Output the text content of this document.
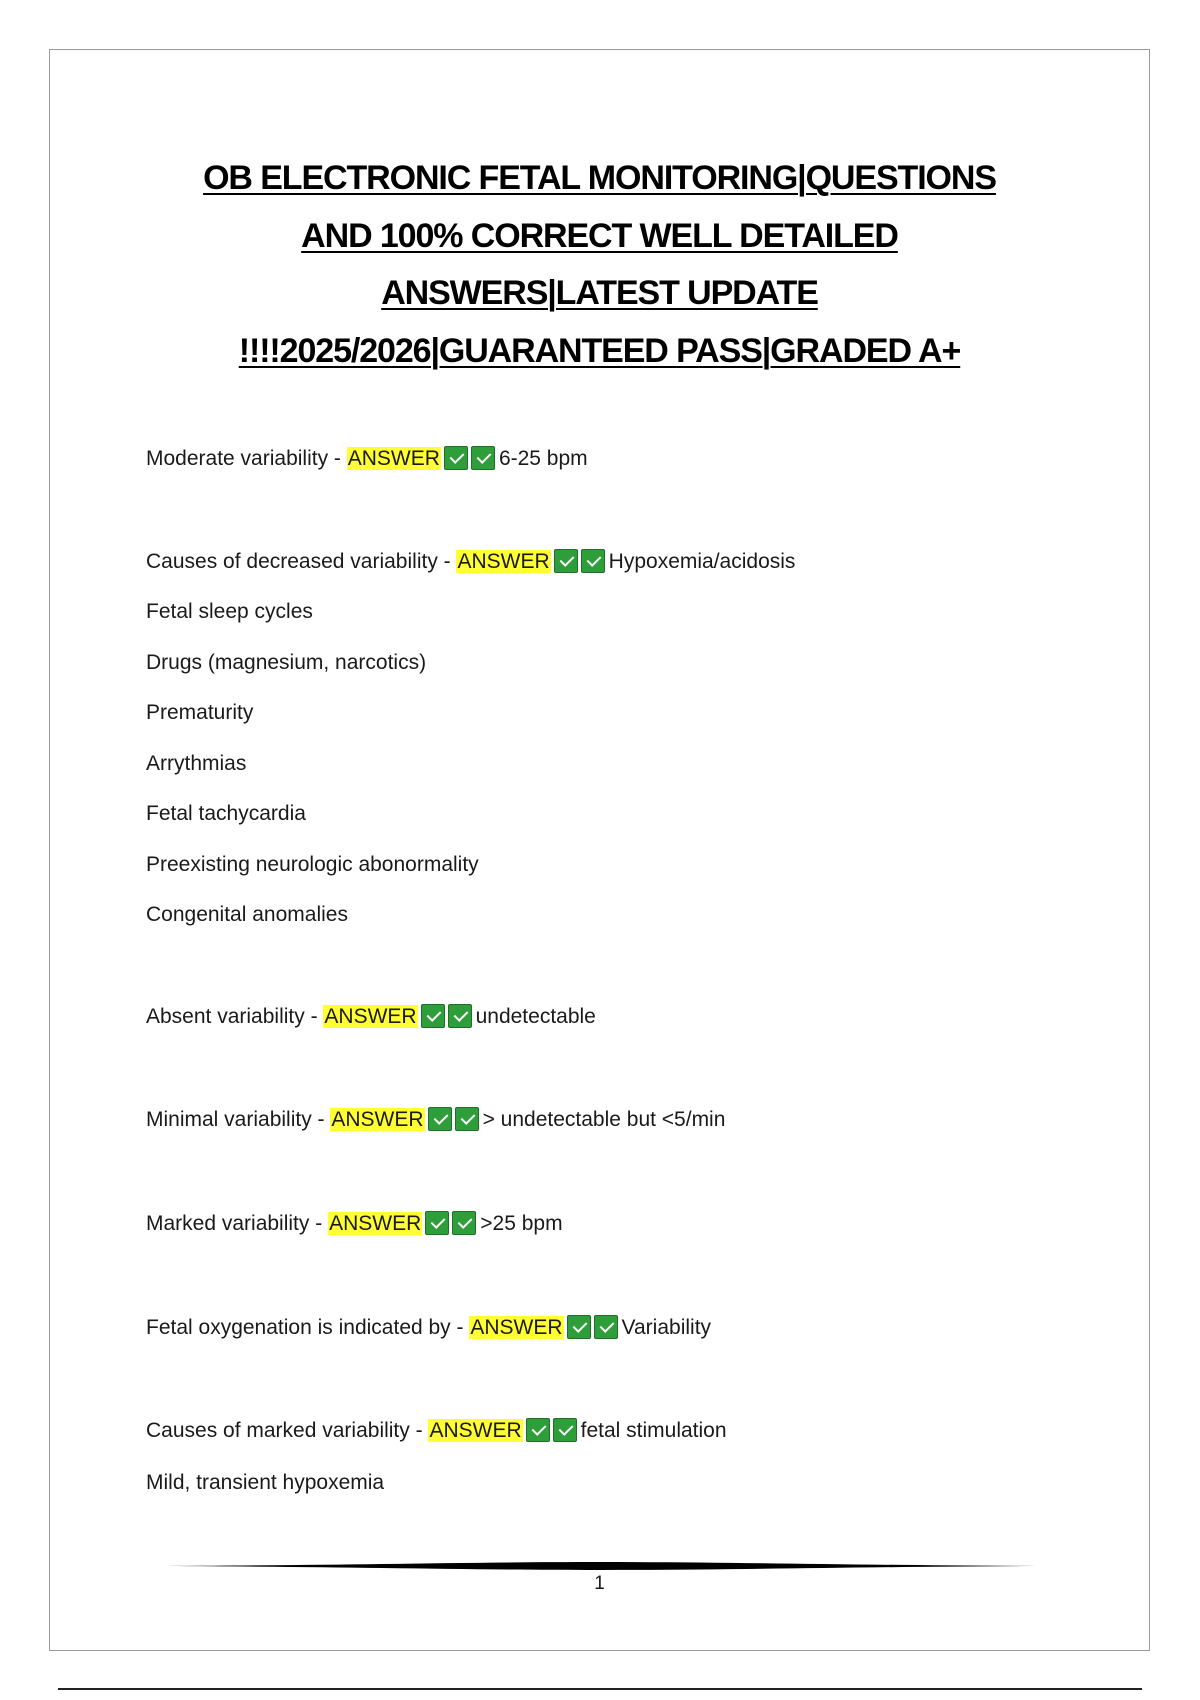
OB ELECTRONIC FETAL MONITORING|QUESTIONS
AND 100% CORRECT WELL DETAILED
ANSWERS|LATEST UPDATE
!!!!2025/2026|GUARANTEED PASS|GRADED A+
Moderate variability - ANSWER	6-25 bpm
Causes of decreased variability - ANSWER	Hypoxemia/acidosis
Fetal sleep cycles
Drugs (magnesium, narcotics)
Prematurity
Arrythmias
Fetal tachycardia
Preexisting neurologic abonormality
Congenital anomalies
Absent variability - ANSWER	undetectable
Minimal variability - ANSWER	> undetectable but <5/min
Marked variability - ANSWER	>25 bpm
Fetal oxygenation is indicated by - ANSWER	Variability
Causes of marked variability - ANSWER	fetal stimulation
Mild, transient hypoxemia
1
